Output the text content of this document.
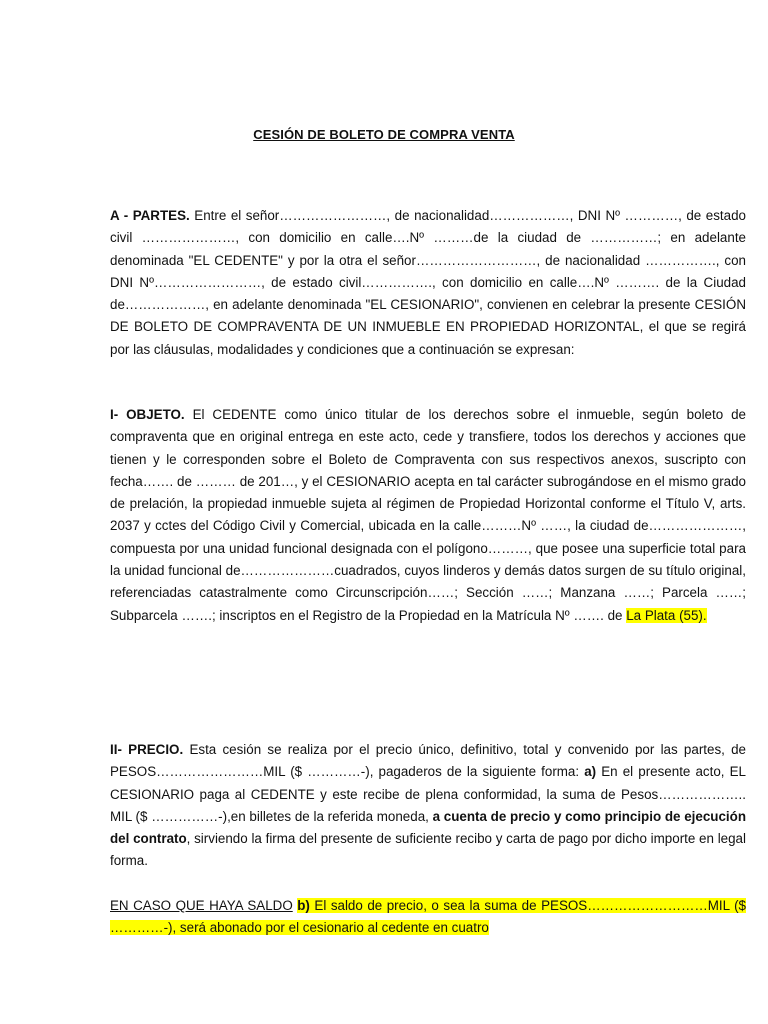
CESIÓN DE BOLETO DE COMPRA VENTA

A - PARTES. Entre el señor……………………, de nacionalidad………………, DNI Nº …………, de estado civil …………………, con domicilio en calle….Nº ………de la ciudad de ……………; en adelante denominada "EL CEDENTE" y por la otra el señor………………………, de nacionalidad ……………., con DNI Nº……………………, de estado civil……………., con domicilio en calle….Nº ………. de la Ciudad de………………, en adelante denominada "EL CESIONARIO", convienen en celebrar la presente CESIÓN DE BOLETO DE COMPRAVENTA DE UN INMUEBLE EN PROPIEDAD HORIZONTAL, el que se regirá por las cláusulas, modalidades y condiciones que a continuación se expresan:

I- OBJETO. El CEDENTE como único titular de los derechos sobre el inmueble, según boleto de compraventa que en original entrega en este acto, cede y transfiere, todos los derechos y acciones que tienen y le corresponden sobre el Boleto de Compraventa con sus respectivos anexos, suscripto con fecha……. de ……… de 201…, y el CESIONARIO acepta en tal carácter subrogándose en el mismo grado de prelación, la propiedad inmueble sujeta al régimen de Propiedad Horizontal conforme el Título V, arts. 2037 y cctes del Código Civil y Comercial, ubicada en la calle………Nº ……, la ciudad de…………………, compuesta por una unidad funcional designada con el polígono………, que posee una superficie total para la unidad funcional de…………………cuadrados, cuyos linderos y demás datos surgen de su título original, referenciadas catastralmente como Circunscripción……; Sección ……; Manzana ……; Parcela ……; Subparcela …….; inscriptos en el Registro de la Propiedad en la Matrícula Nº ……. de La Plata (55).

II- PRECIO. Esta cesión se realiza por el precio único, definitivo, total y convenido por las partes, de PESOS……………………MIL ($ …………-), pagaderos de la siguiente forma: a) En el presente acto, EL CESIONARIO paga al CEDENTE y este recibe de plena conformidad, la suma de Pesos……………….. MIL ($ ……………-),en billetes de la referida moneda, a cuenta de precio y como principio de ejecución del contrato, sirviendo la firma del presente de suficiente recibo y carta de pago por dicho importe en legal forma.

EN CASO QUE HAYA SALDO b) El saldo de precio, o sea la suma de PESOS………………………MIL ($ …………-), será abonado por el cesionario al cedente en cuatro
